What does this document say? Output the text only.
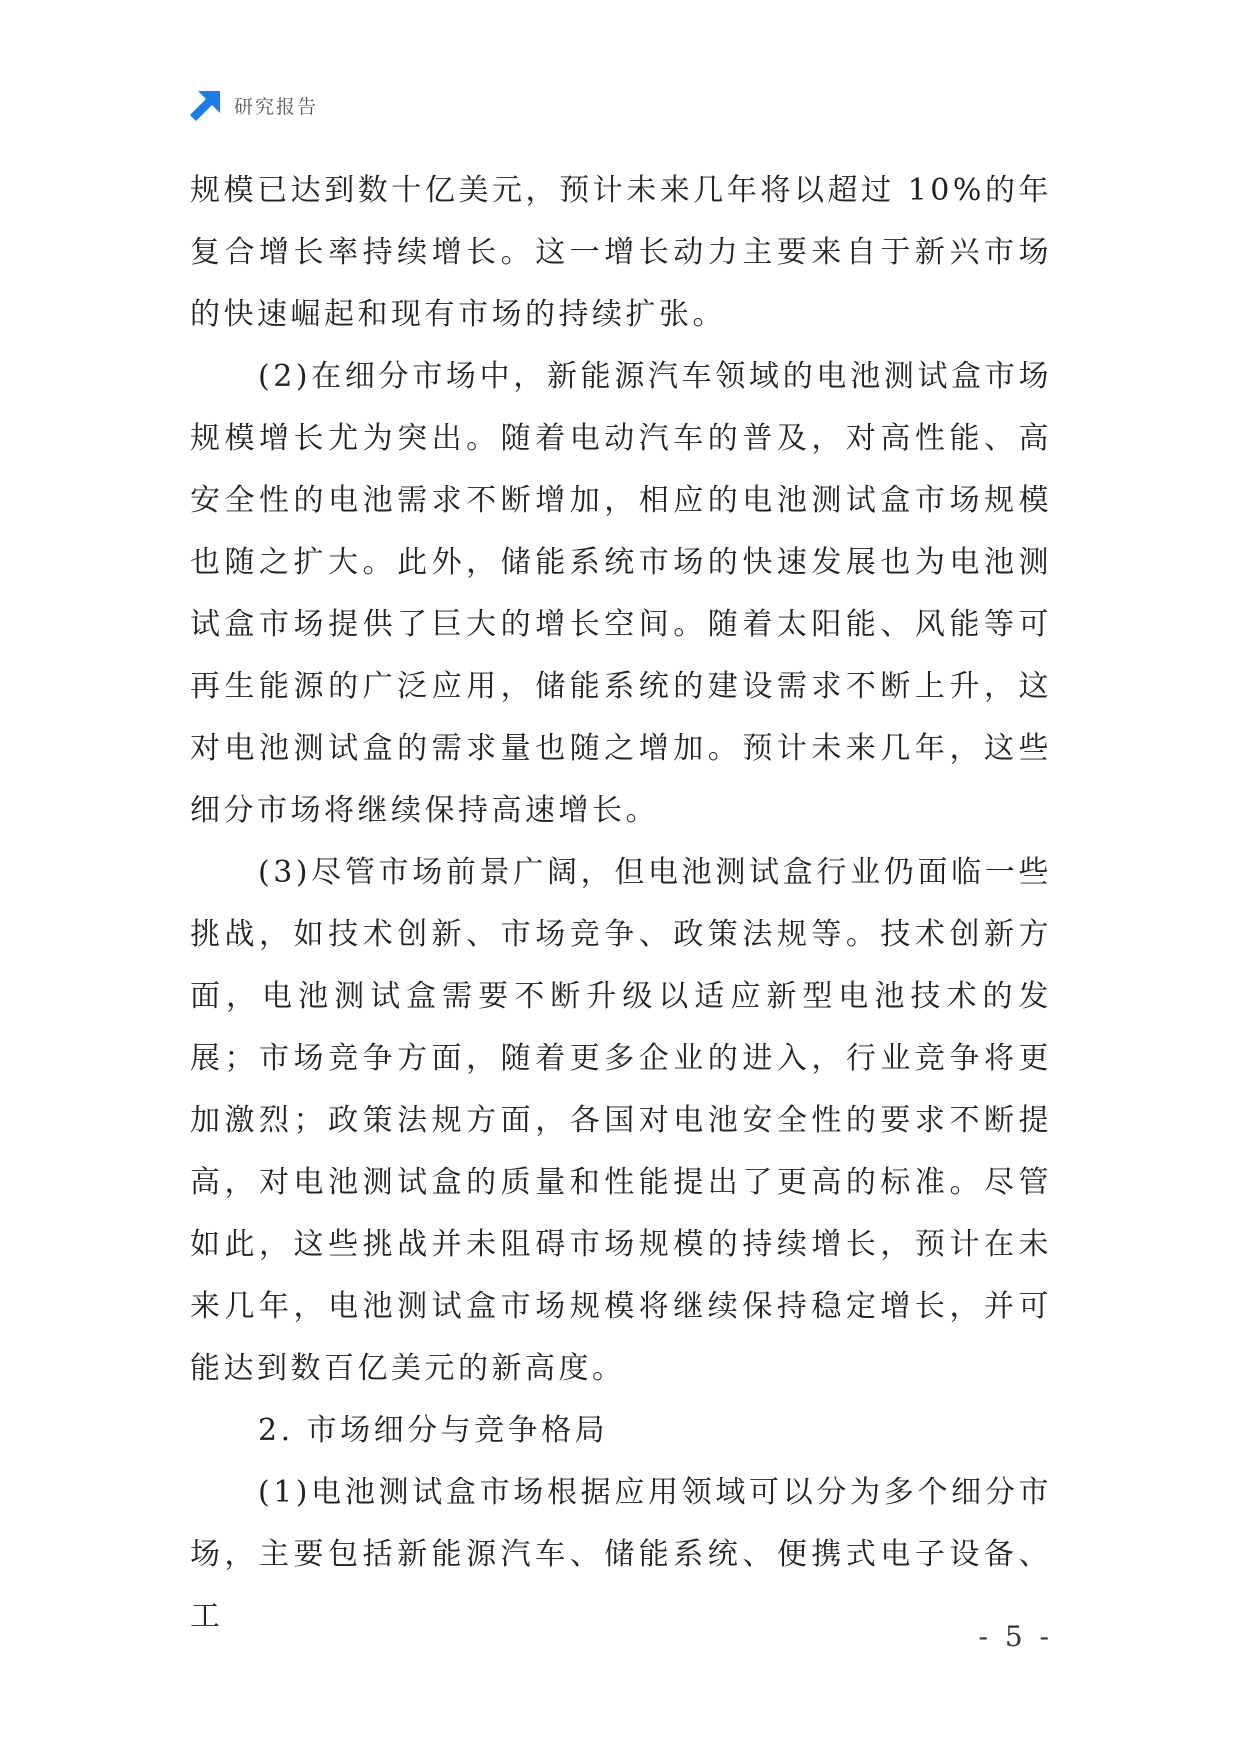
研究报告

规模已达到数十亿美元，预计未来几年将以超过 10%的年复合增长率持续增长。这一增长动力主要来自于新兴市场的快速崛起和现有市场的持续扩张。

(2)在细分市场中，新能源汽车领域的电池测试盒市场规模增长尤为突出。随着电动汽车的普及，对高性能、高安全性的电池需求不断增加，相应的电池测试盒市场规模也随之扩大。此外，储能系统市场的快速发展也为电池测试盒市场提供了巨大的增长空间。随着太阳能、风能等可再生能源的广泛应用，储能系统的建设需求不断上升，这对电池测试盒的需求量也随之增加。预计未来几年，这些细分市场将继续保持高速增长。

(3)尽管市场前景广阔，但电池测试盒行业仍面临一些挑战，如技术创新、市场竞争、政策法规等。技术创新方面，电池测试盒需要不断升级以适应新型电池技术的发展；市场竞争方面，随着更多企业的进入，行业竞争将更加激烈；政策法规方面，各国对电池安全性的要求不断提高，对电池测试盒的质量和性能提出了更高的标准。尽管如此，这些挑战并未阻碍市场规模的持续增长，预计在未来几年，电池测试盒市场规模将继续保持稳定增长，并可能达到数百亿美元的新高度。

2. 市场细分与竞争格局

(1)电池测试盒市场根据应用领域可以分为多个细分市场，主要包括新能源汽车、储能系统、便携式电子设备、工

- 5 -
